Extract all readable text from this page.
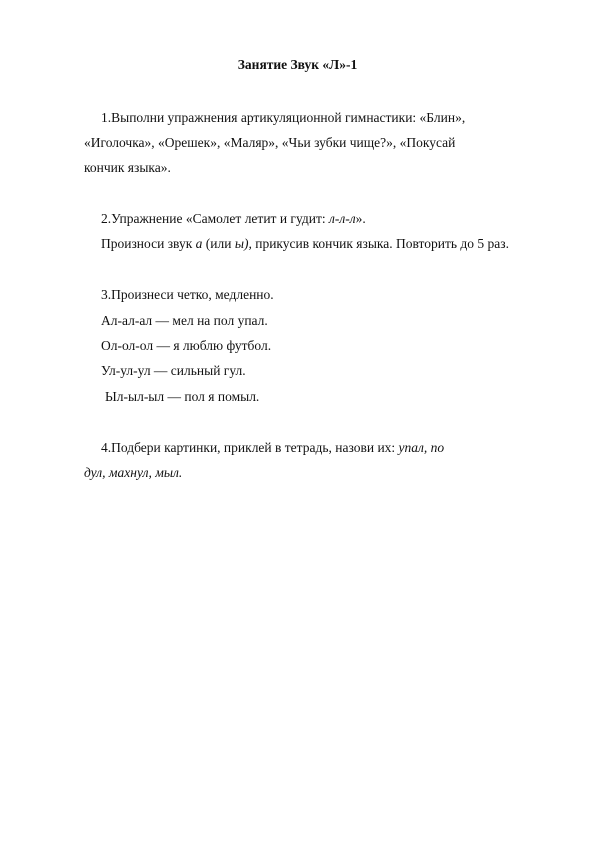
Занятие Звук «Л»-1
1.Выполни упражнения артикуляционной гимнастики: «Блин»,
«Иголочка», «Орешек», «Маляр», «Чьи зубки чище?», «Покусай
кончик языка».
2.Упражнение «Самолет летит и гудит: л-л-л».
Произноси звук а (или ы), прикусив кончик языка. Повторить до 5 раз.
3.Произнеси четко, медленно.
Ал-ал-ал — мел на пол упал.
Ол-ол-ол — я люблю футбол.
Ул-ул-ул — сильный гул.
Ыл-ыл-ыл — пол я помыл.
4.Подбери картинки, приклей в тетрадь, назови их: упал, по
дул, махнул, мыл.
